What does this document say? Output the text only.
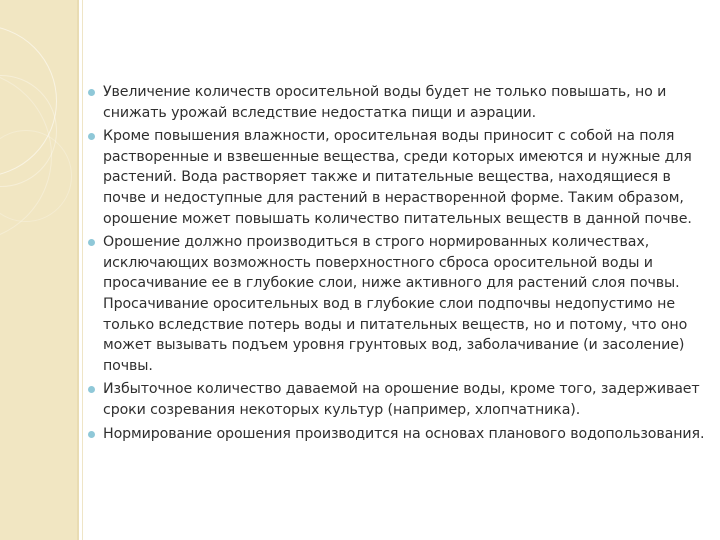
Увеличение количеств оросительной воды будет не только повышать, но и снижать урожай вследствие недостатка пищи и аэрации.
Кроме повышения влажности, оросительная воды приносит с собой на поля растворенные и взвешенные вещества, среди которых имеются и нужные для растений. Вода растворяет также и питательные вещества, находящиеся в почве и недоступные для растений в нерастворенной форме. Таким образом, орошение может повышать количество питательных веществ в данной почве.
Орошение должно производиться в строго нормированных количествах, исключающих возможность поверхностного сброса оросительной воды и просачивание ее в глубокие слои, ниже активного для растений слоя почвы. Просачивание оросительных вод в глубокие слои подпочвы недопустимо не только вследствие потерь воды и питательных веществ, но и потому, что оно может вызывать подъем уровня грунтовых вод, заболачивание (и засоление) почвы.
Избыточное количество даваемой на орошение воды, кроме того, задерживает сроки созревания некоторых культур (например, хлопчатника).
Нормирование орошения производится на основах планового водопользования.
